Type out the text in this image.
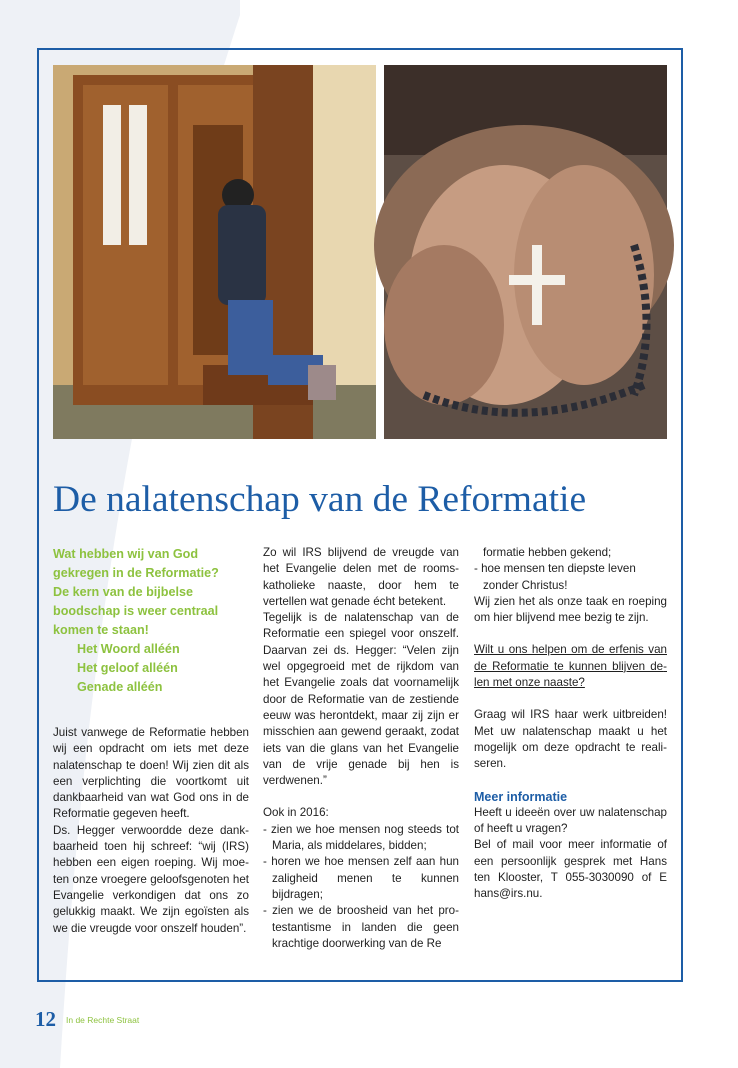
De nalatenschap van de Reformatie
Wat hebben wij van God
gekregen in de Reformatie?
De kern van de bijbelse
boodschap is weer centraal
komen te staan!
Het Woord alléén
Het geloof alléén
Genade alléén

Juist vanwege de Reformatie hebben wij een opdracht om iets met deze nalatenschap te doen! Wij zien dit als een verplichting die voortkomt uit dankbaarheid van wat God ons in de Reformatie gegeven heeft.

Ds. Hegger verwoordde deze dankbaarheid toen hij schreef: “wij (IRS) hebben een eigen roeping. Wij moeten onze vroegere geloofsgenoten het Evangelie verkondigen dat ons zo gelukkig maakt. We zijn egoïsten als we die vreugde voor onszelf houden”.

Zo wil IRS blijvend de vreugde van het Evangelie delen met de rooms-katholieke naaste, door hem te vertellen wat genade écht betekent.

Tegelijk is de nalatenschap van de Reformatie een spiegel voor onszelf. Daarvan zei ds. Hegger: “Velen zijn wel opgegroeid met de rijkdom van het Evangelie zoals dat voornamelijk door de Reformatie van de zestiende eeuw was herontdekt, maar zij zijn er misschien aan gewend geraakt, zodat iets van die glans van het Evangelie van de vrije genade bij hen is verdwenen.”

Ook in 2016:

- zien we hoe mensen nog steeds tot Maria, als middelares, bidden;

- horen we hoe mensen zelf aan hun zaligheid menen te kunnen bijdragen;

- zien we de broosheid van het protestantisme in landen die geen krachtige doorwerking van de Re

formatie hebben gekend;

- hoe mensen ten diepste leven zonder Christus!

Wij zien het als onze taak en roeping om hier blijvend mee bezig te zijn.

Wilt u ons helpen om de erfenis van de Reformatie te kunnen blijven delen met onze naaste?

Graag wil IRS haar werk uitbreiden! Met uw nalatenschap maakt u het mogelijk om deze opdracht te realiseren.

Meer informatie

Heeft u ideeën over uw nalatenschap of heeft u vragen?

Bel of mail voor meer informatie of een persoonlijk gesprek met Hans ten Klooster, T 055-3030090 of E hans@irs.nu.

12 In de Rechte Straat
